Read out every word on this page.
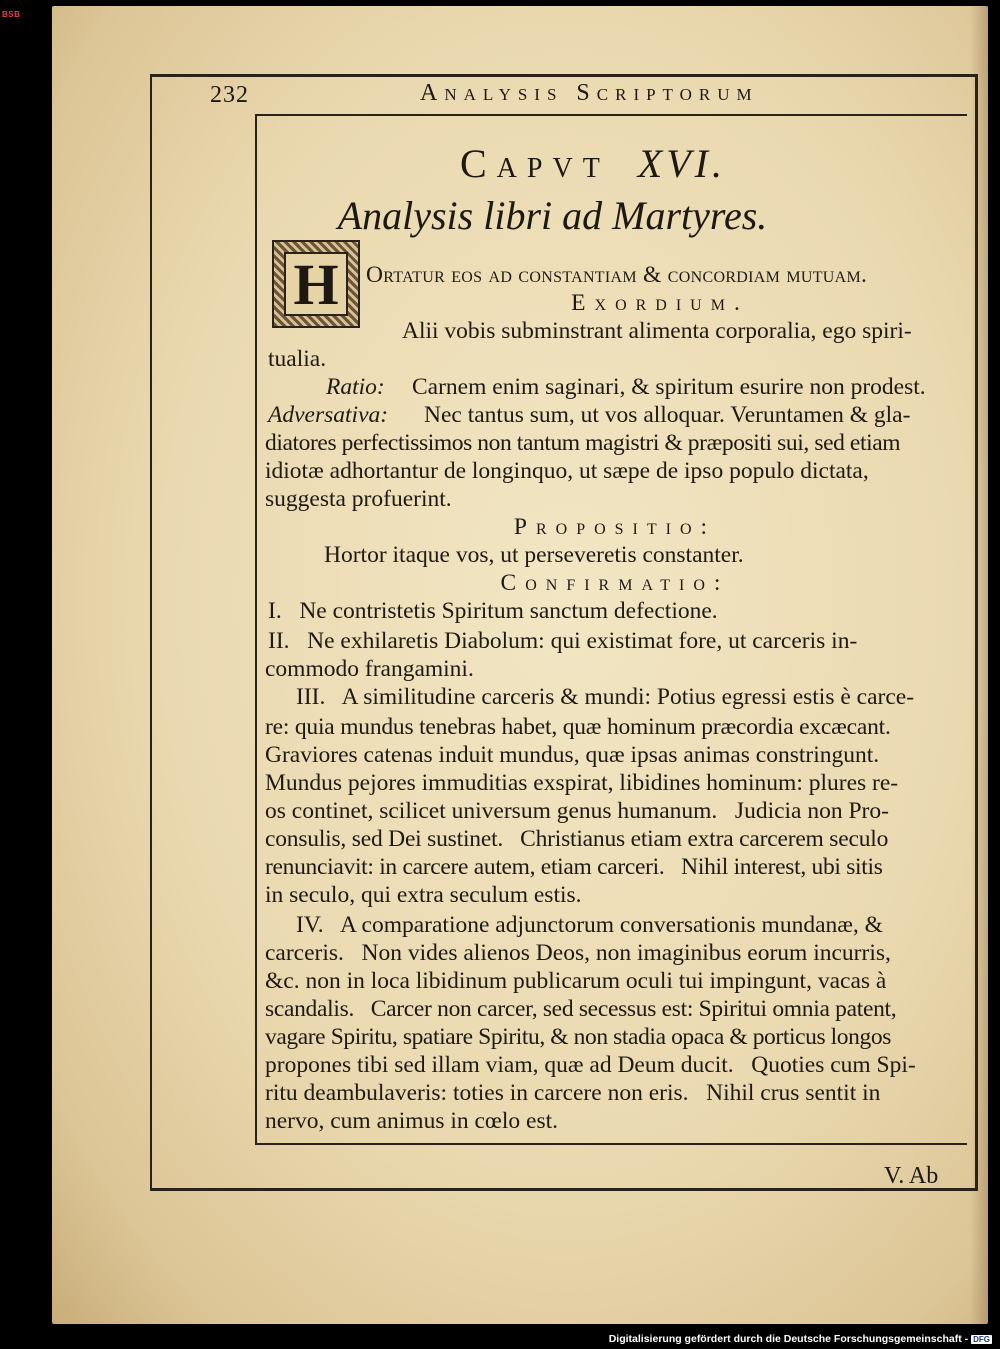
BSB
232	Analysis Scriptorum
Capvt XVI.
Analysis libri ad Martyres.
H	Ortatur eos ad constantiam & concordiam mutuam.
Exordium.
Alii vobis subminstrant alimenta corporalia, ego spiri-
tualia.
Ratio: Carnem enim saginari, & spiritum esurire non prodest.
Adversativa: Nec tantus sum, ut vos alloquar. Veruntamen & gla-
diatores perfectissimos non tantum magistri & præpositi sui, sed etiam
idiotæ adhortantur de longinquo, ut sæpe de ipso populo dictata,
suggesta profuerint.
Propositio:
Hortor itaque vos, ut perseveretis constanter.
Confirmatio:
I.   Ne contristetis Spiritum sanctum defectione.
II.   Ne exhilaretis Diabolum: qui existimat fore, ut carceris in-
commodo frangamini.
III.   A similitudine carceris & mundi: Potius egressi estis è carce-
re: quia mundus tenebras habet, quæ hominum præcordia excæcant.
Graviores catenas induit mundus, quæ ipsas animas constringunt.
Mundus pejores immuditias exspirat, libidines hominum: plures re-
os continet, scilicet universum genus humanum.   Judicia non Pro-
consulis, sed Dei sustinet.   Christianus etiam extra carcerem seculo
renunciavit: in carcere autem, etiam carceri.   Nihil interest, ubi sitis
in seculo, qui extra seculum estis.
IV.   A comparatione adjunctorum conversationis mundanæ, &
carceris.   Non vides alienos Deos, non imaginibus eorum incurris,
&c. non in loca libidinum publicarum oculi tui impingunt, vacas à
scandalis.   Carcer non carcer, sed secessus est: Spiritui omnia patent,
vagare Spiritu, spatiare Spiritu, & non stadia opaca & porticus longos
propones tibi sed illam viam, quæ ad Deum ducit.   Quoties cum Spi-
ritu deambulaveris: toties in carcere non eris.   Nihil crus sentit in
nervo, cum animus in cœlo est.
V. Ab
Digitalisierung gefördert durch die Deutsche Forschungsgemeinschaft - DFG
